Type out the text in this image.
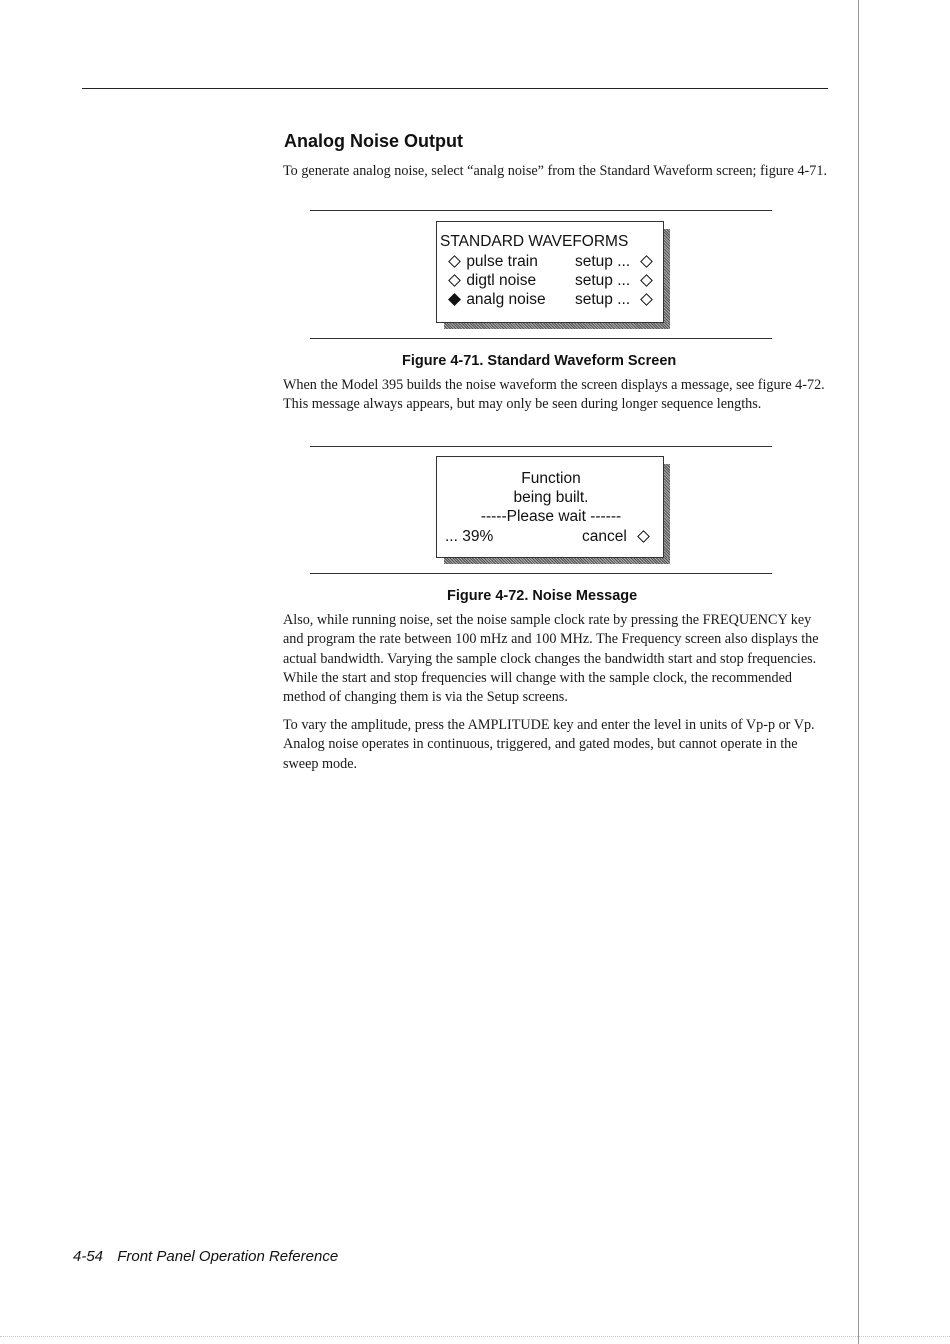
Analog Noise Output

To generate analog noise, select “analg noise” from the Standard Waveform screen; figure 4-71.

STANDARD WAVEFORMS
pulse train setup ...
digtl noise	setup ...
analg noise setup ...
Figure 4-71. Standard Waveform Screen

When the Model 395 builds the noise waveform the screen displays a message, see figure 4-72. This message always appears, but may only be seen during longer sequence lengths.

Function
being built.
-----Please wait ------
... 39%	cancel
Figure 4-72. Noise Message

Also, while running noise, set the noise sample clock rate by pressing the FREQUENCY key and program the rate between 100 mHz and 100 MHz. The Frequency screen also displays the actual bandwidth. Varying the sample clock changes the bandwidth start and stop frequencies. While the start and stop frequencies will change with the sample clock, the recommended method of changing them is via the Setup screens.

To vary the amplitude, press the AMPLITUDE key and enter the level in units of Vp-p or Vp. Analog noise operates in continuous, triggered, and gated modes, but cannot operate in the sweep mode.

4-54 Front Panel Operation Reference
